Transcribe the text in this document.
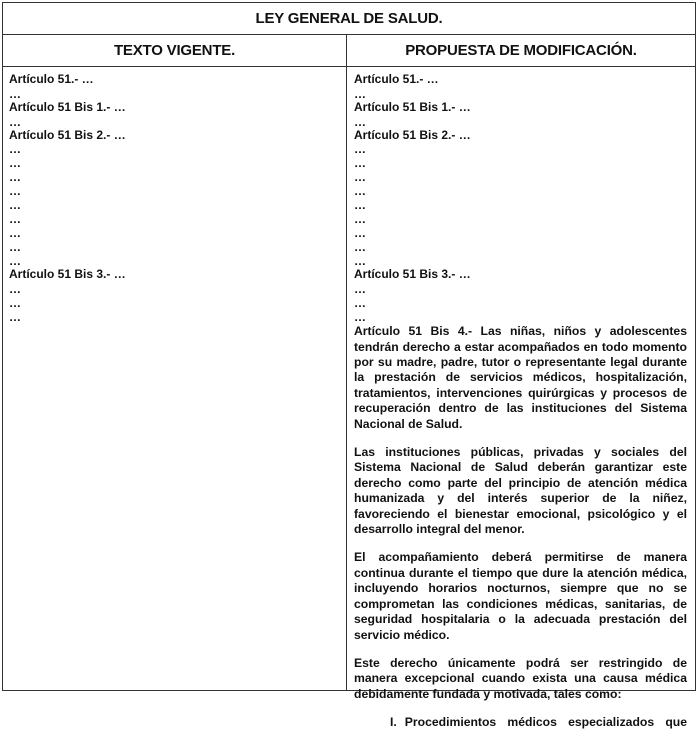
LEY GENERAL DE SALUD.
TEXTO VIGENTE.	PROPUESTA DE MODIFICACIÓN.
Artículo 51.- …
…
Artículo 51 Bis 1.- …
…
Artículo 51 Bis 2.- …
…
…
…
…
…
…
…
…
…
Artículo 51 Bis 3.- …
…
…
…
Artículo 51.- …
…
Artículo 51 Bis 1.- …
…
Artículo 51 Bis 2.- …
…
…
…
…
…
…
…
…
…
Artículo 51 Bis 3.- …
…
…
…

Artículo 51 Bis 4.- Las niñas, niños y adolescentes tendrán derecho a estar acompañados en todo momento por su madre, padre, tutor o representante legal durante la prestación de servicios médicos, hospitalización, tratamientos, intervenciones quirúrgicas y procesos de recuperación dentro de las instituciones del Sistema Nacional de Salud.

Las instituciones públicas, privadas y sociales del Sistema Nacional de Salud deberán garantizar este derecho como parte del principio de atención médica humanizada y del interés superior de la niñez, favoreciendo el bienestar emocional, psicológico y el desarrollo integral del menor.

El acompañamiento deberá permitirse de manera continua durante el tiempo que dure la atención médica, incluyendo horarios nocturnos, siempre que no se comprometan las condiciones médicas, sanitarias, de seguridad hospitalaria o la adecuada prestación del servicio médico.

Este derecho únicamente podrá ser restringido de manera excepcional cuando exista una causa médica debidamente fundada y motivada, tales como:

I. Procedimientos médicos especializados que
